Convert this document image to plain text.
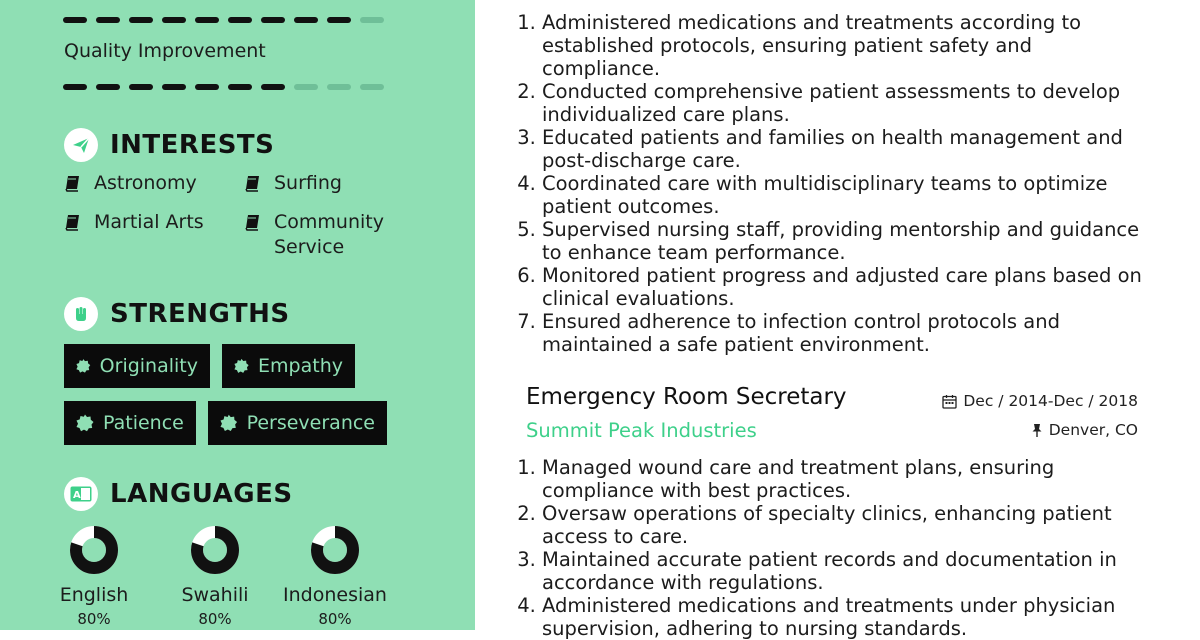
Quality Improvement
INTERESTS
Astronomy	Surfing
Martial Arts	Community Service
STRENGTHS
Originality	Empathy
Patience	Perseverance
A LANGUAGES
English
80%
Swahili
80%
Indonesian
80%
1. Administered medications and treatments according to established protocols, ensuring patient safety and compliance.
2. Conducted comprehensive patient assessments to develop individualized care plans.
3. Educated patients and families on health management and post-discharge care.
4. Coordinated care with multidisciplinary teams to optimize patient outcomes.
5. Supervised nursing staff, providing mentorship and guidance to enhance team performance.
6. Monitored patient progress and adjusted care plans based on clinical evaluations.
7. Ensured adherence to infection control protocols and maintained a safe patient environment.
Emergency Room Secretary
Summit Peak Industries
Dec / 2014-Dec / 2018
Denver, CO
1. Managed wound care and treatment plans, ensuring compliance with best practices.
2. Oversaw operations of specialty clinics, enhancing patient access to care.
3. Maintained accurate patient records and documentation in accordance with regulations.
4. Administered medications and treatments under physician supervision, adhering to nursing standards.
